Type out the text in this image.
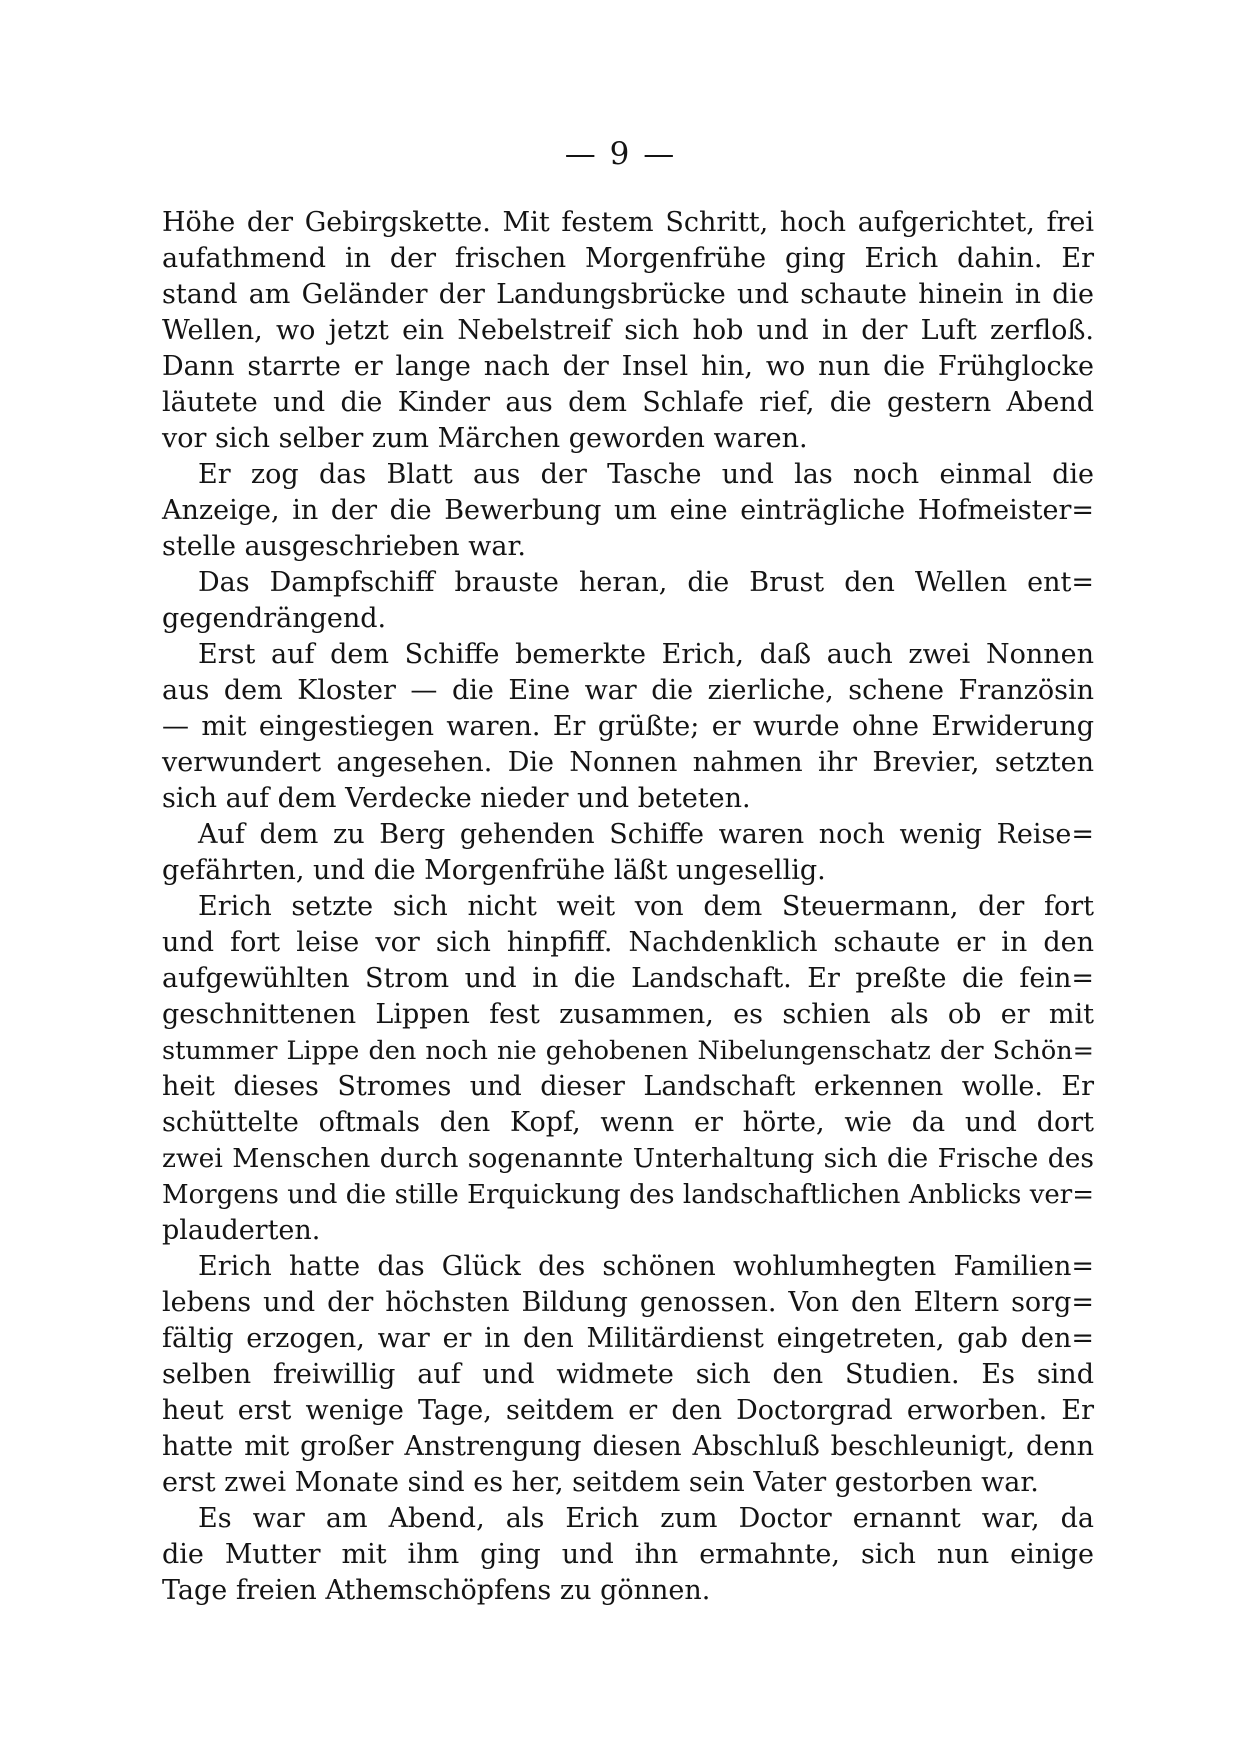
— 9 —

Höhe der Gebirgskette. Mit festem Schritt, hoch aufgerichtet, frei
aufathmend in der frischen Morgenfrühe ging Erich dahin. Er
stand am Geländer der Landungsbrücke und schaute hinein in die
Wellen, wo jetzt ein Nebelstreif sich hob und in der Luft zerfloß.
Dann starrte er lange nach der Insel hin, wo nun die Frühglocke
läutete und die Kinder aus dem Schlafe rief, die gestern Abend
vor sich selber zum Märchen geworden waren.
Er zog das Blatt aus der Tasche und las noch einmal die
Anzeige, in der die Bewerbung um eine einträgliche Hofmeister=
stelle ausgeschrieben war.
Das Dampfschiff brauste heran, die Brust den Wellen ent=
gegendrängend.
Erst auf dem Schiffe bemerkte Erich, daß auch zwei Nonnen
aus dem Kloster — die Eine war die zierliche, schene Französin
— mit eingestiegen waren. Er grüßte; er wurde ohne Erwiderung
verwundert angesehen. Die Nonnen nahmen ihr Brevier, setzten
sich auf dem Verdecke nieder und beteten.
Auf dem zu Berg gehenden Schiffe waren noch wenig Reise=
gefährten, und die Morgenfrühe läßt ungesellig.
Erich setzte sich nicht weit von dem Steuermann, der fort
und fort leise vor sich hinpfiff. Nachdenklich schaute er in den
aufgewühlten Strom und in die Landschaft. Er preßte die fein=
geschnittenen Lippen fest zusammen, es schien als ob er mit
stummer Lippe den noch nie gehobenen Nibelungenschatz der Schön=
heit dieses Stromes und dieser Landschaft erkennen wolle. Er
schüttelte oftmals den Kopf, wenn er hörte, wie da und dort
zwei Menschen durch sogenannte Unterhaltung sich die Frische des
Morgens und die stille Erquickung des landschaftlichen Anblicks ver=
plauderten.
Erich hatte das Glück des schönen wohlumhegten Familien=
lebens und der höchsten Bildung genossen. Von den Eltern sorg=
fältig erzogen, war er in den Militärdienst eingetreten, gab den=
selben freiwillig auf und widmete sich den Studien. Es sind
heut erst wenige Tage, seitdem er den Doctorgrad erworben. Er
hatte mit großer Anstrengung diesen Abschluß beschleunigt, denn
erst zwei Monate sind es her, seitdem sein Vater gestorben war.
Es war am Abend, als Erich zum Doctor ernannt war, da
die Mutter mit ihm ging und ihn ermahnte, sich nun einige
Tage freien Athemschöpfens zu gönnen.
